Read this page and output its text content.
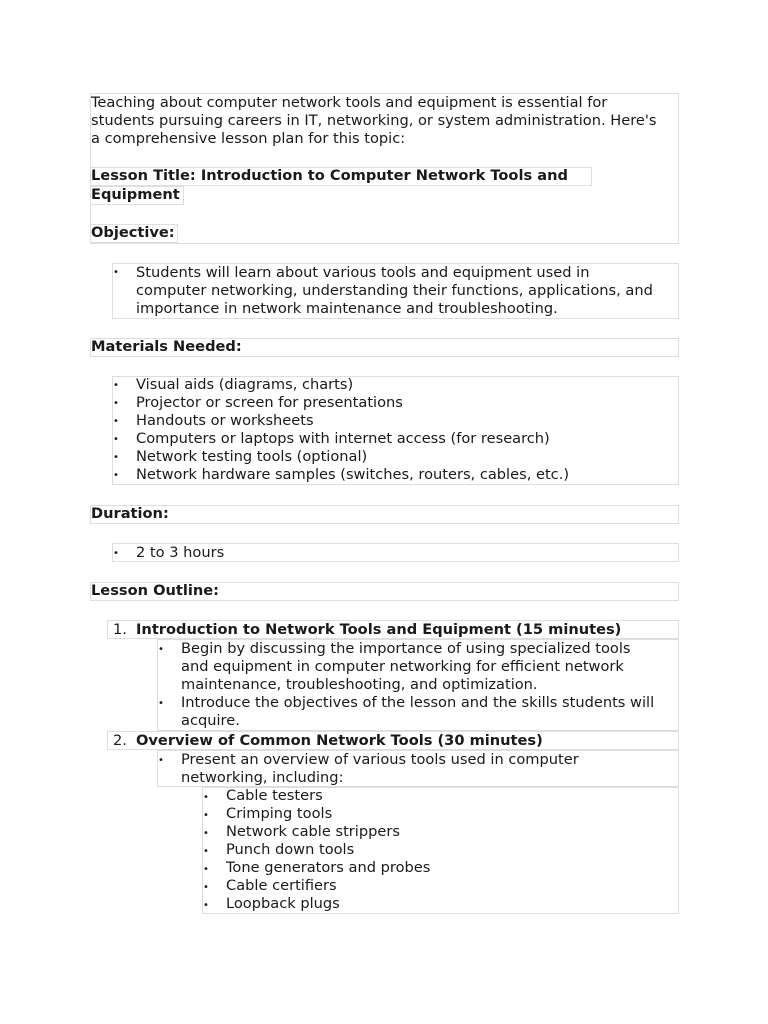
Teaching about computer network tools and equipment is essential for
students pursuing careers in IT, networking, or system administration. Here's
a comprehensive lesson plan for this topic:
Lesson Title: Introduction to Computer Network Tools and
Equipment
Objective:
• Students will learn about various tools and equipment used in
computer networking, understanding their functions, applications, and
importance in network maintenance and troubleshooting.
Materials Needed:
• Visual aids (diagrams, charts)
• Projector or screen for presentations
• Handouts or worksheets
• Computers or laptops with internet access (for research)
• Network testing tools (optional)
• Network hardware samples (switches, routers, cables, etc.)
Duration:
• 2 to 3 hours
Lesson Outline:
1. Introduction to Network Tools and Equipment (15 minutes)
• Begin by discussing the importance of using specialized tools
and equipment in computer networking for efficient network
maintenance, troubleshooting, and optimization.
• Introduce the objectives of the lesson and the skills students will
acquire.
2. Overview of Common Network Tools (30 minutes)
• Present an overview of various tools used in computer
networking, including:
• Cable testers
• Crimping tools
• Network cable strippers
• Punch down tools
• Tone generators and probes
• Cable certifiers
• Loopback plugs
